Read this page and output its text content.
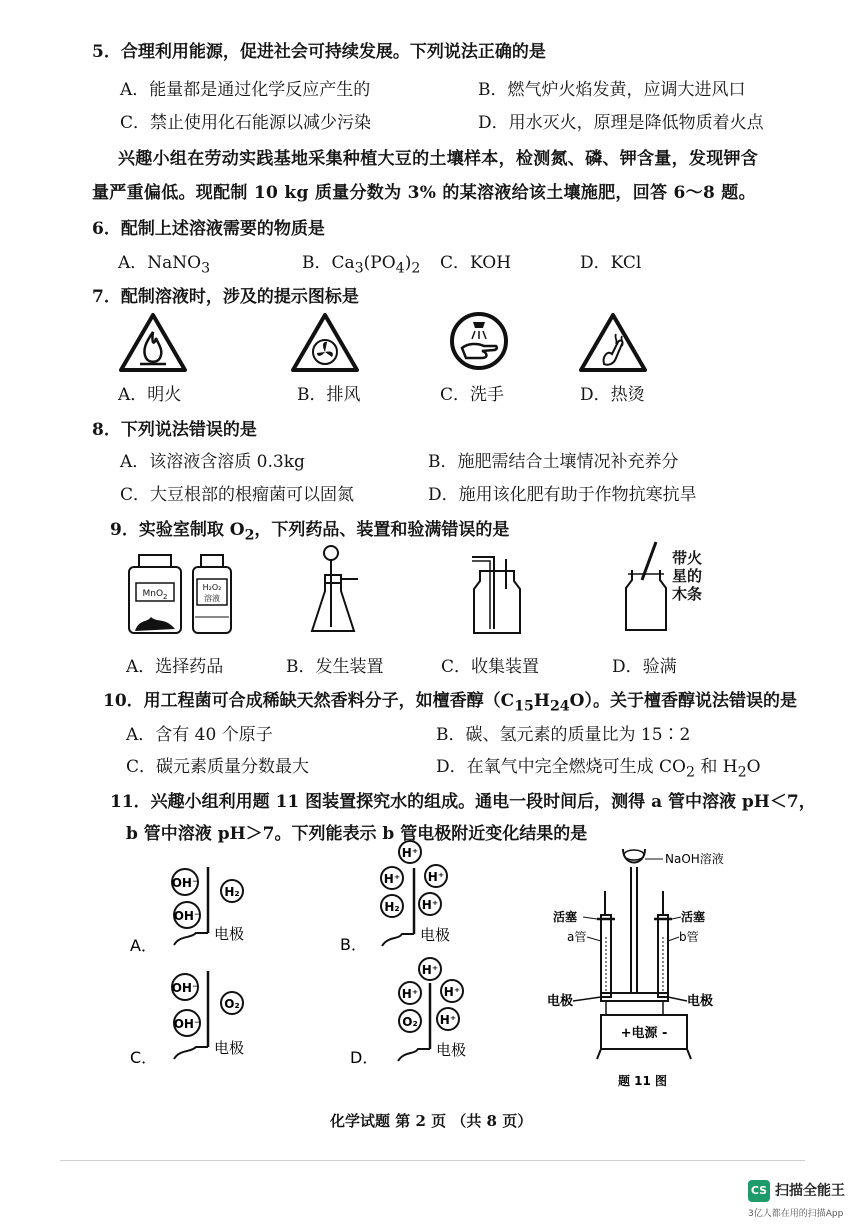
5．合理利用能源，促进社会可持续发展。下列说法正确的是
A．能量都是通过化学反应产生的	B．燃气炉火焰发黄，应调大进风口
C．禁止使用化石能源以减少污染	D．用水灭火，原理是降低物质着火点
兴趣小组在劳动实践基地采集种植大豆的土壤样本，检测氮、磷、钾含量，发现钾含
量严重偏低。现配制 10 kg 质量分数为 3% 的某溶液给该土壤施肥，回答 6～8 题。
6．配制上述溶液需要的物质是
A．NaNO$_3$	B．$Ca_3(PO_4)_2$ C．KOH	D．KCl
7．配制溶液时，涉及的提示图标是
A．明火	B．排风	C．洗手	D．热烫
8．下列说法错误的是
A．该溶液含溶质 0.3kg	B．施肥需结合土壤情况补充养分
C．大豆根部的根瘤菌可以固氮	D．施用该化肥有助于作物抗寒抗旱
9．实验室制取 $O_2$，下列药品、装置和验满错误的是
MnO$_2$
H₂O₂
溶液
带火
星的
木条
A．选择药品	B．发生装置	C．收集装置	D．验满
10．用工程菌可合成稀缺天然香料分子，如檀香醇$(C_{15}H_{24}O)$。关于檀香醇说法错误的是
A．含有 40 个原子	B．碳、氢元素的质量比为 15∶2
C．碳元素质量分数最大	D．在氧气中完全燃烧可生成 $CO_2$ 和 $H_2O$
11．兴趣小组利用题 11 图装置探究水的组成。通电一段时间后，测得 a 管中溶液 pH＜7，
b 管中溶液 pH＞7。下列能表示 b 管电极附近变化结果的是
OH⁻
OH⁻
H₂
电极
A．
H⁺
H⁺ H⁺
H₂ H⁺
电极
B．
OH⁻
OH⁻
O₂
电极
C．
H⁺
H⁺ H⁺
O₂ H⁺
电极
D．
NaOH溶液
活塞	活塞
a管	b管
电极	电极
+电源 -
题 11 图
化学试题 第 2 页 （共 8 页）
CS 扫描全能王
3亿人都在用的扫描App
